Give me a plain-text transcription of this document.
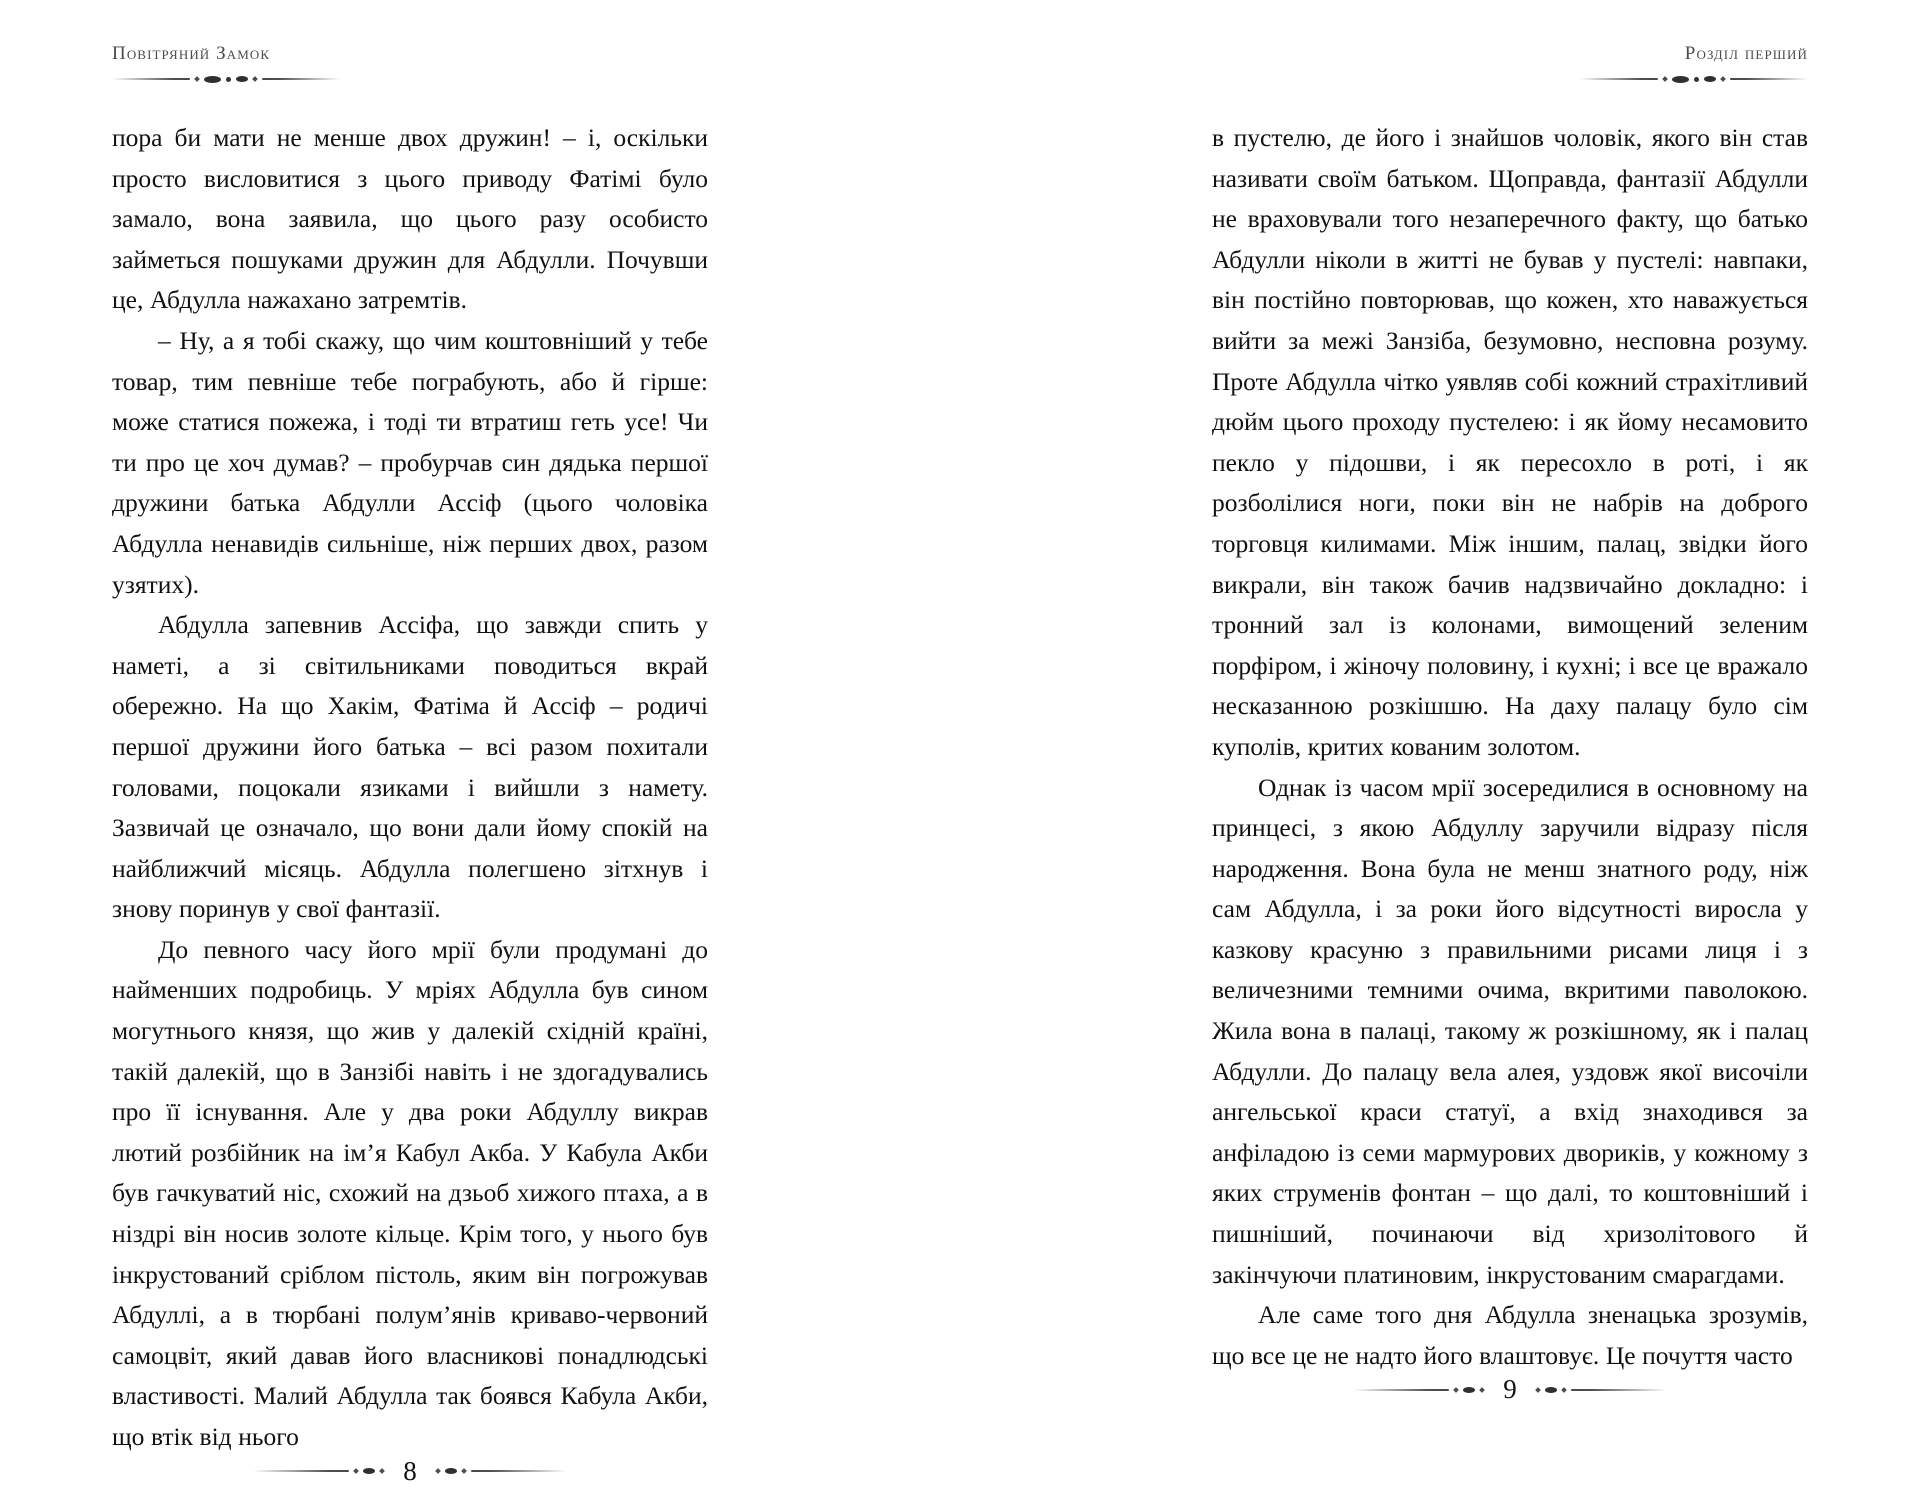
Повітряний Замок

пора би мати не менше двох дружин! – і, оскільки просто висловитися з цього приводу Фатімі було замало, вона заявила, що цього разу особисто займеться пошуками дружин для Абдулли. Почувши це, Абдулла нажахано затремтів.

– Ну, а я тобі скажу, що чим коштовніший у тебе товар, тим певніше тебе пограбують, або й гірше: може статися пожежа, і тоді ти втратиш геть усе! Чи ти про це хоч думав? – пробурчав син дядька першої дружини батька Абдулли Ассіф (цього чоловіка Абдулла ненавидів сильніше, ніж перших двох, разом узятих).

Абдулла запевнив Ассіфа, що завжди спить у наметі, а зі світильниками поводиться вкрай обережно. На що Хакім, Фатіма й Ассіф – родичі першої дружини його батька – всі разом похитали головами, поцокали язиками і вийшли з намету. Зазвичай це означало, що вони дали йому спокій на найближчий місяць. Абдулла полегшено зітхнув і знову поринув у свої фантазії.

До певного часу його мрії були продумані до найменших подробиць. У мріях Абдулла був сином могутнього князя, що жив у далекій східній країні, такій далекій, що в Занзібі навіть і не здогадувались про її існування. Але у два роки Абдуллу викрав лютий розбійник на ім’я Кабул Акба. У Кабула Акби був гачкуватий ніс, схожий на дзьоб хижого птаха, а в ніздрі він носив золоте кільце. Крім того, у нього був інкрустований сріблом пістоль, яким він погрожував Абдуллі, а в тюрбані полум’янів криваво-червоний самоцвіт, який давав його власникові понадлюдські властивості. Малий Абдулла так боявся Кабула Акби, що втік від нього

8
Розділ перший

в пустелю, де його і знайшов чоловік, якого він став називати своїм батьком. Щоправда, фантазії Абдулли не враховували того незаперечного факту, що батько Абдулли ніколи в житті не бував у пустелі: навпаки, він постійно повторював, що кожен, хто наважується вийти за межі Занзіба, безумовно, несповна розуму. Проте Абдулла чітко уявляв собі кожний страхітливий дюйм цього проходу пустелею: і як йому несамовито пекло у підошви, і як пересохло в роті, і як розболілися ноги, поки він не набрів на доброго торговця килимами. Між іншим, палац, звідки його викрали, він також бачив надзвичайно докладно: і тронний зал із колонами, вимощений зеленим порфіром, і жіночу половину, і кухні; і все це вражало несказанною розкішшю. На даху палацу було сім куполів, критих кованим золотом.

Однак із часом мрії зосередилися в основному на принцесі, з якою Абдуллу заручили відразу після народження. Вона була не менш знатного роду, ніж сам Абдулла, і за роки його відсутності виросла у казкову красуню з правильними рисами лиця і з величезними темними очима, вкритими паволокою. Жила вона в палаці, такому ж розкішному, як і палац Абдулли. До палацу вела алея, уздовж якої височіли ангельської краси статуї, а вхід знаходився за анфіладою із семи мармурових двориків, у кожному з яких струменів фонтан – що далі, то коштовніший і пишніший, починаючи від хризолітового й закінчуючи платиновим, інкрустованим смарагдами.

Але саме того дня Абдулла зненацька зрозумів, що все це не надто його влаштовує. Це почуття часто

9
